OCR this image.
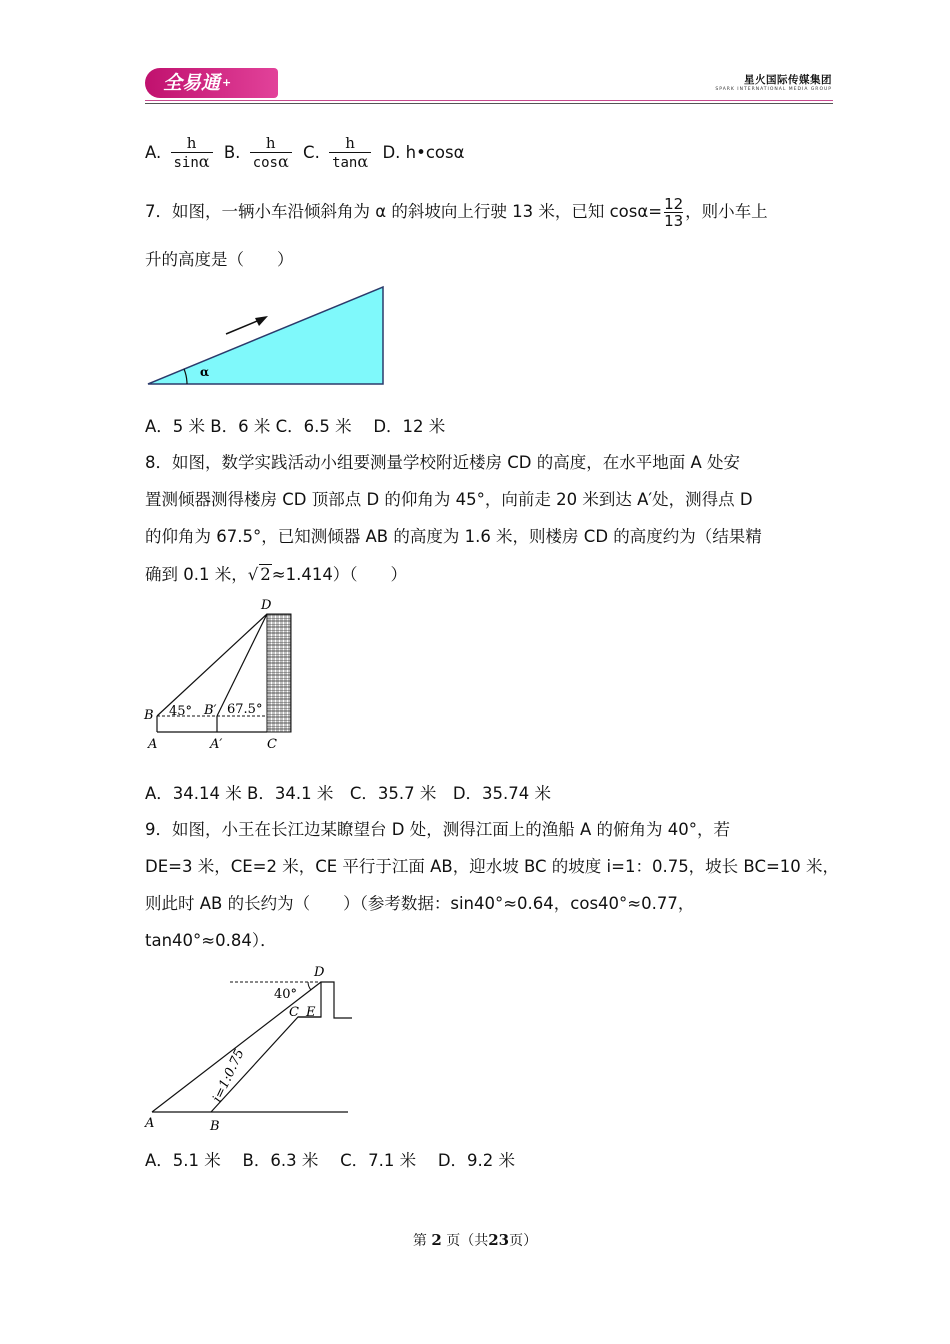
全易通 +	星火国际传媒集团
SPARK INTERNATIONAL MEDIA GROUP
A. $\frac{h}{\sin\alpha} B$. $\frac{h}{\cos\alpha} C$. $\frac{h}{\tan\alpha} D$. h•cosα
7．如图，一辆小车沿倾斜角为 α 的斜坡向上行驶 13 米，已知 $\cos\alpha= \frac{12}{13}$ ，则小车上
升的高度是（　　）
α
A．5 米 B．6 米 C．6.5 米　 D．12 米
8．如图，数学实践活动小组要测量学校附近楼房 CD 的高度，在水平地面 A 处安
置测倾器测得楼房 CD 顶部点 D 的仰角为 45°，向前走 20 米到达 A′处，测得点 D
的仰角为 67.5°，已知测倾器 AB 的高度为 1.6 米，则楼房 CD 的高度约为（结果精
确到 0.1 米，√ 2≈1.414）（　　）
D
B	B′
45°	67.5°
A	A′	C
A．34.14 米 B．34.1 米　C．35.7 米　D．35.74 米
9．如图，小王在长江边某瞭望台 D 处，测得江面上的渔船 A 的俯角为 40°，若
DE=3 米，CE=2 米，CE 平行于江面 AB，迎水坡 BC 的坡度 i=1：0.75，坡长 BC=10 米，
则此时 AB 的长约为（　　）（参考数据：sin40°≈0.64，cos40°≈0.77，
tan40°≈0.84）．
D
40°
C E
i=1:0.75
A	B
A．5.1 米　 B．6.3 米　 C．7.1 米　 D．9.2 米
第 2 页（共23页）
